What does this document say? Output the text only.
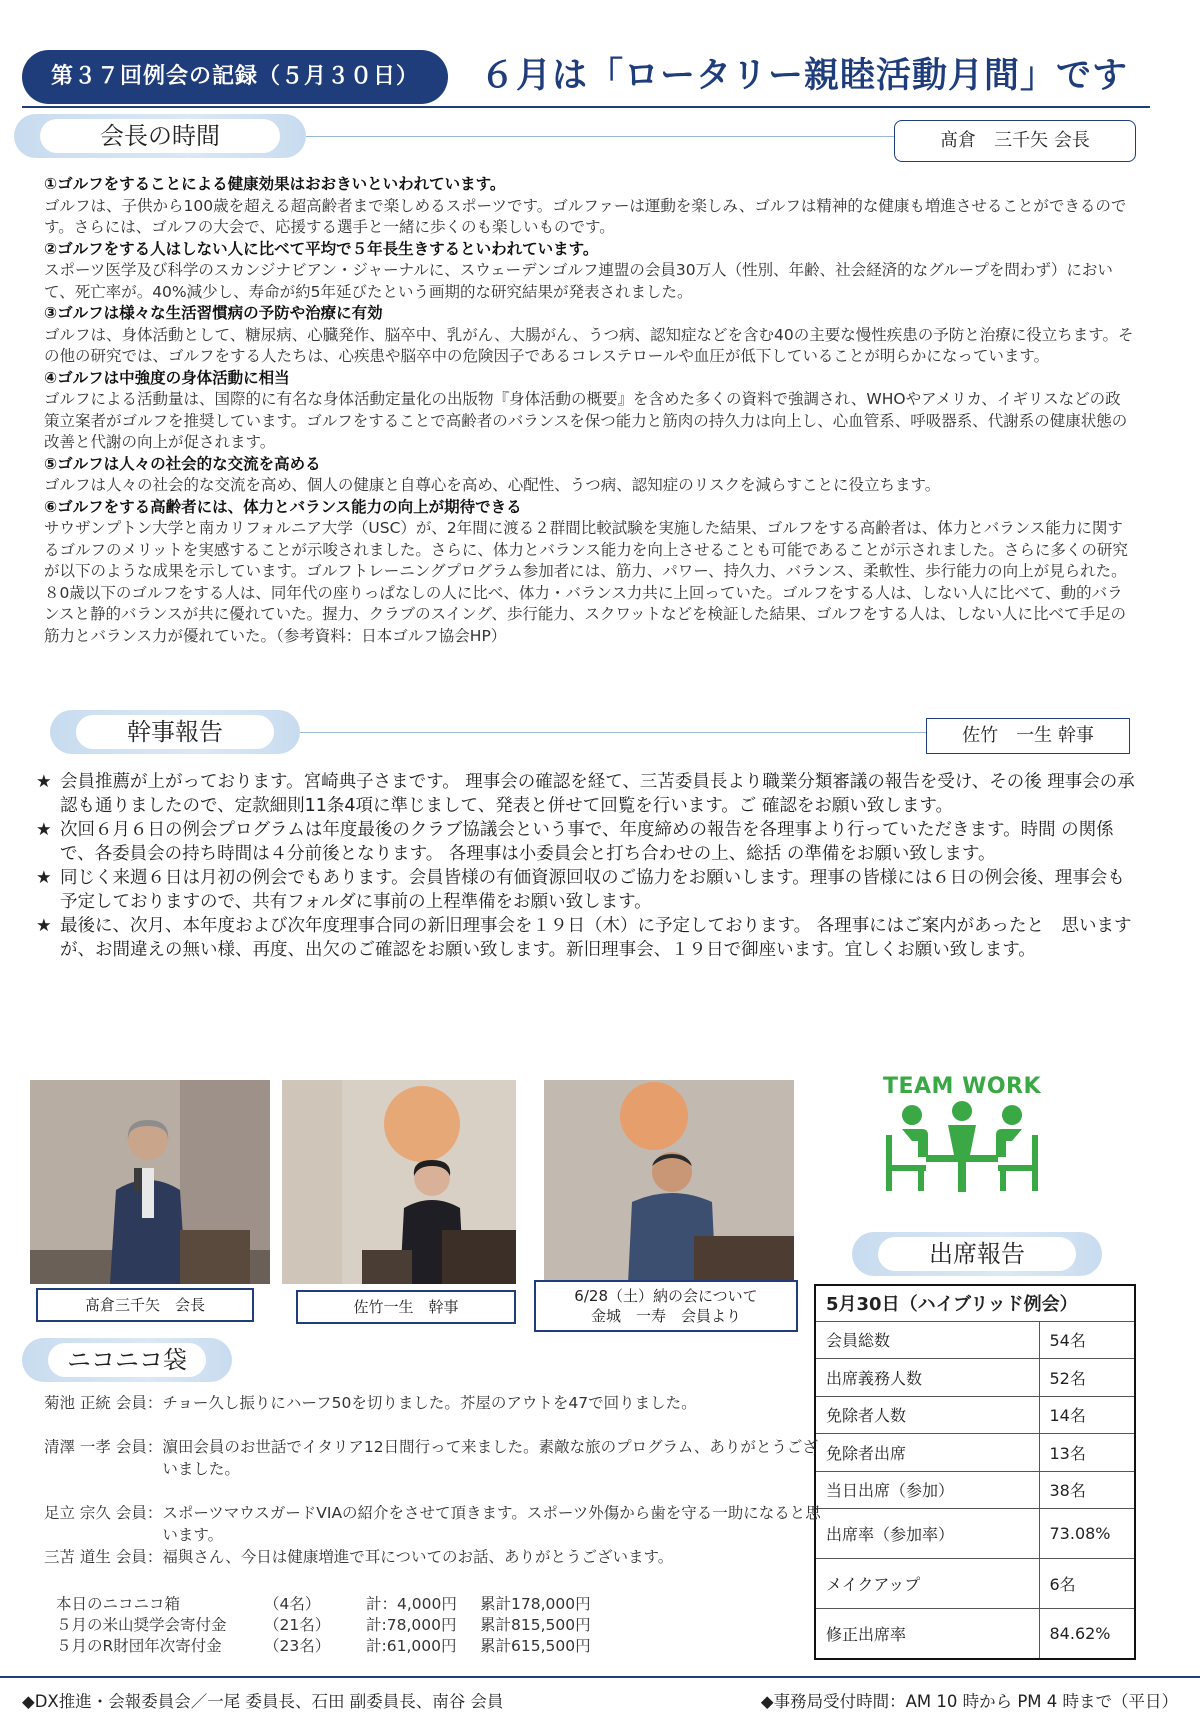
第３７回例会の記録（５月３０日）	６月は「ロータリー親睦活動月間」です
会長の時間	髙倉　三千矢 会長

①ゴルフをすることによる健康効果はおおきいといわれています。

ゴルフは、子供から100歳を超える超高齢者まで楽しめるスポーツです。ゴルファーは運動を楽しみ、ゴルフは精神的な健康も増進させることができるのです。さらには、ゴルフの大会で、応援する選手と一緒に歩くのも楽しいものです。

②ゴルフをする人はしない人に比べて平均で５年長生きするといわれています。

スポーツ医学及び科学のスカンジナビアン・ジャーナルに、スウェーデンゴルフ連盟の会員30万人（性別、年齢、社会経済的なグループを問わず）において、死亡率が。40%減少し、寿命が約5年延びたという画期的な研究結果が発表されました。

③ゴルフは様々な生活習慣病の予防や治療に有効

ゴルフは、身体活動として、糖尿病、心臓発作、脳卒中、乳がん、大腸がん、うつ病、認知症などを含む40の主要な慢性疾患の予防と治療に役立ちます。その他の研究では、ゴルフをする人たちは、心疾患や脳卒中の危険因子であるコレステロールや血圧が低下していることが明らかになっています。

④ゴルフは中強度の身体活動に相当

ゴルフによる活動量は、国際的に有名な身体活動定量化の出版物『身体活動の概要』を含めた多くの資料で強調され、WHOやアメリカ、イギリスなどの政策立案者がゴルフを推奨しています。ゴルフをすることで高齢者のバランスを保つ能力と筋肉の持久力は向上し、心血管系、呼吸器系、代謝系の健康状態の改善と代謝の向上が促されます。

⑤ゴルフは人々の社会的な交流を高める

ゴルフは人々の社会的な交流を高め、個人の健康と自尊心を高め、心配性、うつ病、認知症のリスクを減らすことに役立ちます。

⑥ゴルフをする高齢者には、体力とバランス能力の向上が期待できる

サウザンプトン大学と南カリフォルニア大学（USC）が、2年間に渡る２群間比較試験を実施した結果、ゴルフをする高齢者は、体力とバランス能力に関するゴルフのメリットを実感することが示唆されました。さらに、体力とバランス能力を向上させることも可能であることが示されました。さらに多くの研究が以下のような成果を示しています。ゴルフトレーニングプログラム参加者には、筋力、パワー、持久力、バランス、柔軟性、歩行能力の向上が見られた。８0歳以下のゴルフをする人は、同年代の座りっぱなしの人に比べ、体力・バランス力共に上回っていた。ゴルフをする人は、しない人に比べて、動的バランスと静的バランスが共に優れていた。握力、クラブのスイング、歩行能力、スクワットなどを検証した結果、ゴルフをする人は、しない人に比べて手足の筋力とバランス力が優れていた。（参考資料：日本ゴルフ協会HP）

幹事報告	佐竹　一生 幹事
★ 会員推薦が上がっております。宮崎典子さまです。 理事会の確認を経て、三苫委員長より職業分類審議の報告を受け、その後 理事会の承認も通りましたので、定款細則11条4項に準じまして、発表と併せて回覧を行います。ご 確認をお願い致します。
★ 次回６月６日の例会プログラムは年度最後のクラブ協議会という事で、年度締めの報告を各理事より行っていただきます。時間 の関係で、各委員会の持ち時間は４分前後となります。 各理事は小委員会と打ち合わせの上、総括 の準備をお願い致します。
★ 同じく来週６日は月初の例会でもあります。会員皆様の有価資源回収のご協力をお願いします。理事の皆様には６日の例会後、理事会も予定しておりますので、共有フォルダに事前の上程準備をお願い致します。
★ 最後に、次月、本年度および次年度理事合同の新旧理事会を１９日（木）に予定しております。 各理事にはご案内があったと　思いますが、お間違えの無い様、再度、出欠のご確認をお願い致します。新旧理事会、１９日で御座います。宜しくお願い致します。
髙倉三千矢　会長	佐竹一生　幹事
6/28（土）納の会について
金城　一寿　会員より
TEAM WORK
出席報告
5月30日（ハイブリッド例会）	
会員総数	54名
出席義務人数	52名
免除者人数	14名
免除者出席	13名
当日出席（参加）	38名
出席率（参加率）	73.08%
メイクアップ	6名
修正出席率	84.62%
ニコニコ袋
菊池 正統 会員： チョー久し振りにハーフ50を切りました。芥屋のアウトを47で回りました。
清澤 一孝 会員： 濵田会員のお世話でイタリア12日間行って来ました。素敵な旅のプログラム、ありがとうございました。
足立 宗久 会員： スポーツマウスガードVIAの紹介をさせて頂きます。スポーツ外傷から歯を守る一助になると思います。
三苫 道生 会員： 福與さん、今日は健康増進で耳についてのお話、ありがとうございます。
本日のニコニコ箱	（4名）	計：4,000円	累計178,000円
５月の米山奨学会寄付金	（21名）	計:78,000円	累計815,500円
５月のR財団年次寄付金	（23名）	計:61,000円	累計615,500円
◆DX推進・会報委員会／一尾 委員長、石田 副委員長、南谷 会員	◆事務局受付時間：AM 10 時から PM 4 時まで（平日）
